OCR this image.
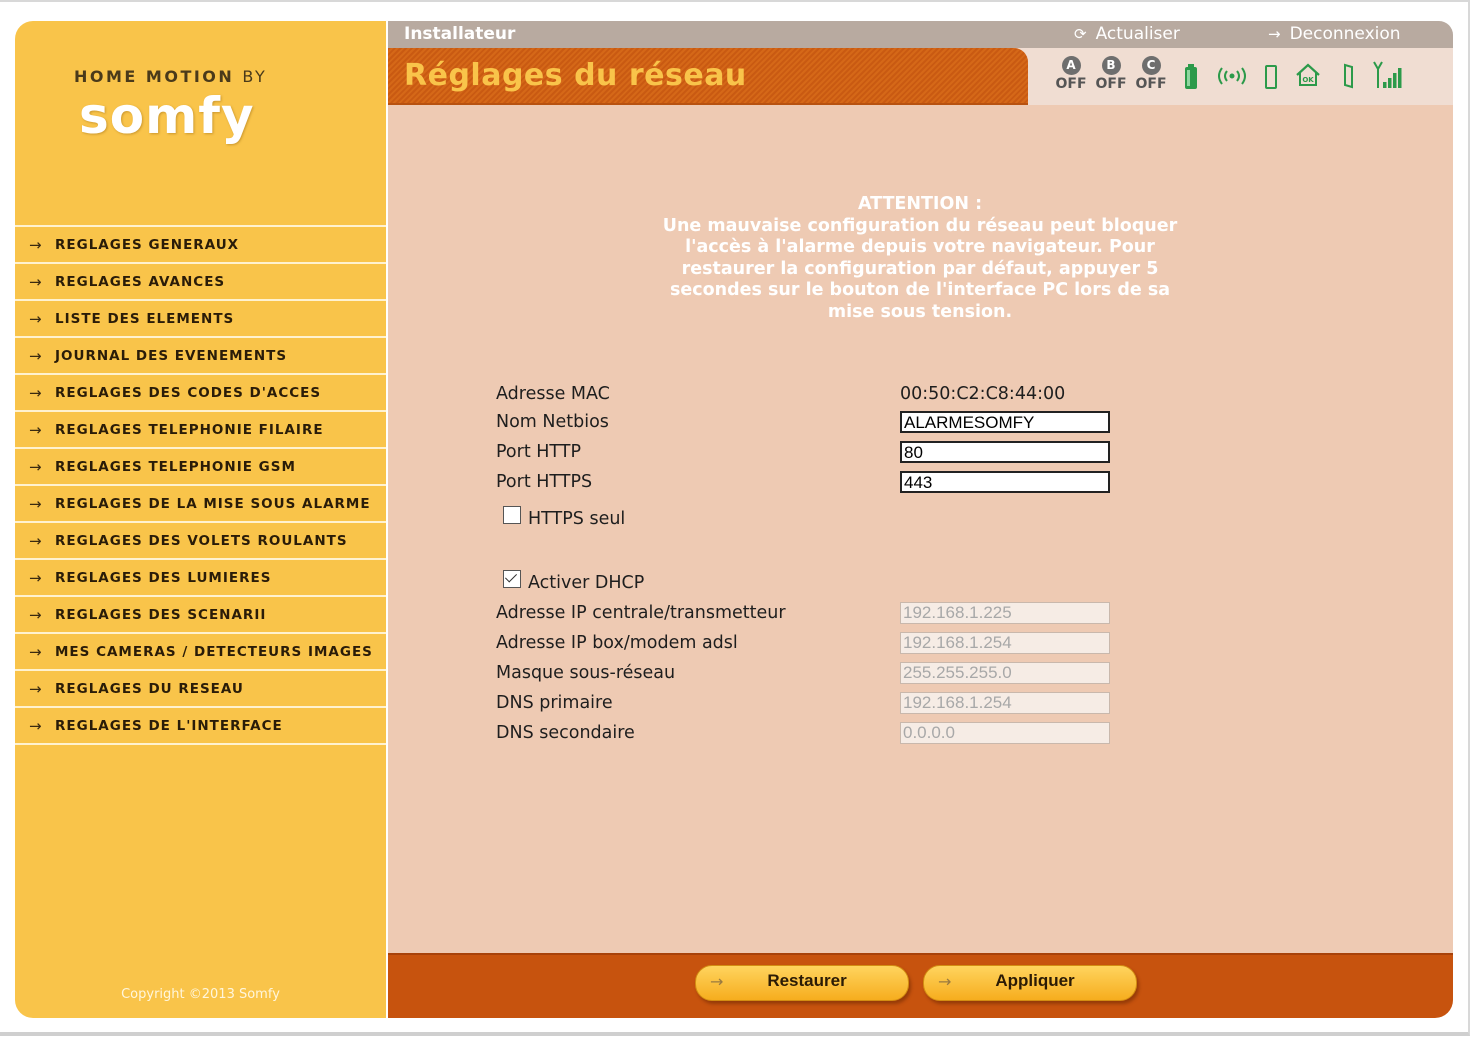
HOME MOTION BY
somfy
→ REGLAGES GENERAUX
→ REGLAGES AVANCES
→ LISTE DES ELEMENTS
→ JOURNAL DES EVENEMENTS
→ REGLAGES DES CODES D'ACCES
→ REGLAGES TELEPHONIE FILAIRE
→ REGLAGES TELEPHONIE GSM
→ REGLAGES DE LA MISE SOUS ALARME
→ REGLAGES DES VOLETS ROULANTS
→ REGLAGES DES LUMIERES
→ REGLAGES DES SCENARII
→ MES CAMERAS / DETECTEURS IMAGES
→ REGLAGES DU RESEAU
→ REGLAGES DE L'INTERFACE
Copyright ©2013 Somfy
Installateur	⟳ Actualiser	→ Deconnexion
Réglages du réseau	A
OFF
B
OFF
C
OFF	OK
ATTENTION :
Une mauvaise configuration du réseau peut bloquer l'accès à l'alarme depuis votre navigateur. Pour restaurer la configuration par défaut, appuyer 5 secondes sur le bouton de l'interface PC lors de sa mise sous tension.
Adresse MAC	00:50:C2:C8:44:00
Nom Netbios	ALARMESOMFY
Port HTTP	80
Port HTTPS	443
HTTPS seul
Activer DHCP
Adresse IP centrale/transmetteur	192.168.1.225
Adresse IP box/modem adsl	192.168.1.254
Masque sous-réseau	255.255.255.0
DNS primaire	192.168.1.254
DNS secondaire	0.0.0.0
→	Restaurer	→	Appliquer
